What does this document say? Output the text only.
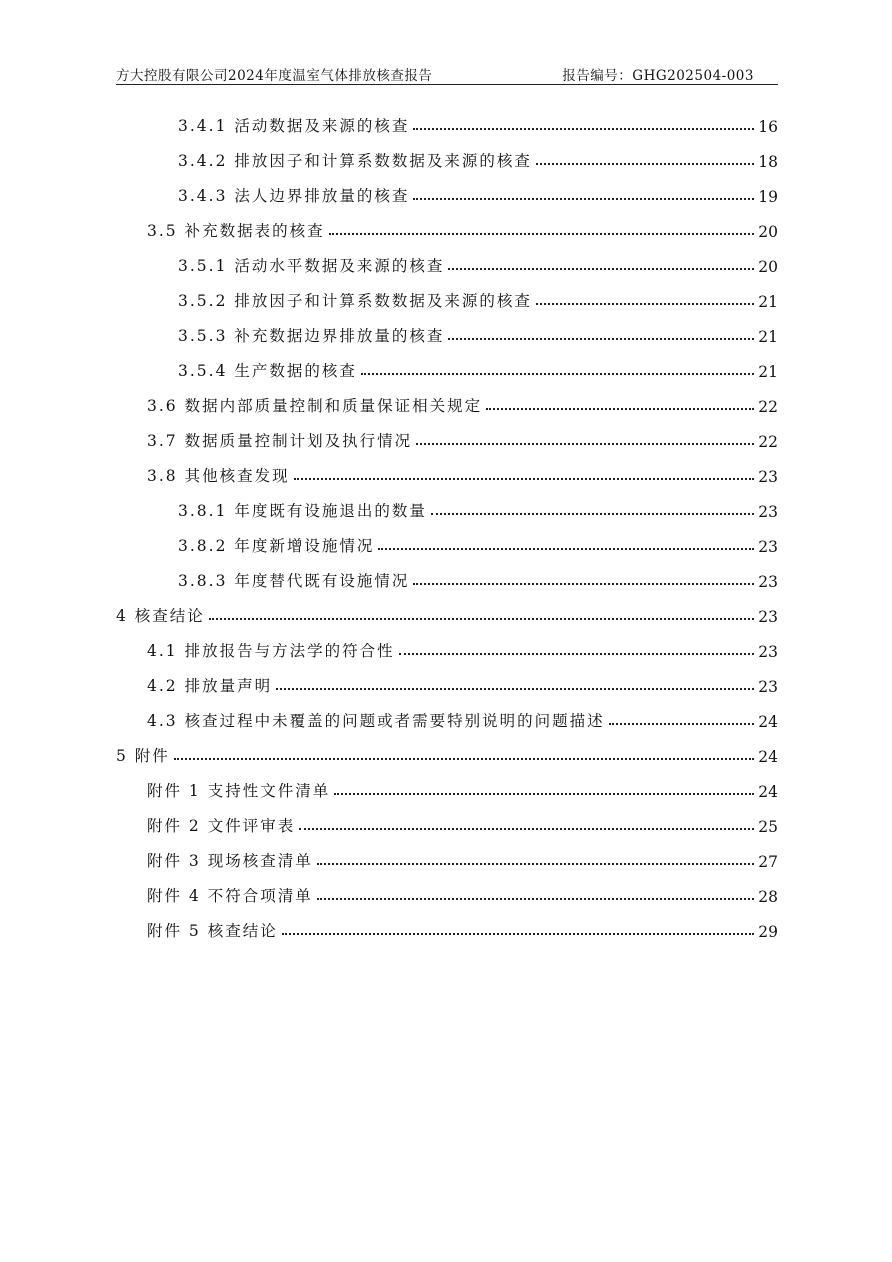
方大控股有限公司2024年度温室气体排放核查报告	报告编号：GHG202504-003
3.4.1 活动数据及来源的核查	16
3.4.2 排放因子和计算系数数据及来源的核查	18
3.4.3 法人边界排放量的核查	19
3.5 补充数据表的核查	20
3.5.1 活动水平数据及来源的核查	20
3.5.2 排放因子和计算系数数据及来源的核查	21
3.5.3 补充数据边界排放量的核查	21
3.5.4 生产数据的核查	21
3.6 数据内部质量控制和质量保证相关规定	22
3.7 数据质量控制计划及执行情况	22
3.8 其他核查发现	23
3.8.1 年度既有设施退出的数量	23
3.8.2 年度新增设施情况	23
3.8.3 年度替代既有设施情况	23
4 核查结论	23
4.1 排放报告与方法学的符合性	23
4.2 排放量声明	23
4.3 核查过程中未覆盖的问题或者需要特别说明的问题描述	24
5 附件	24
附件 1 支持性文件清单	24
附件 2 文件评审表	25
附件 3 现场核查清单	27
附件 4 不符合项清单	28
附件 5 核查结论	29
